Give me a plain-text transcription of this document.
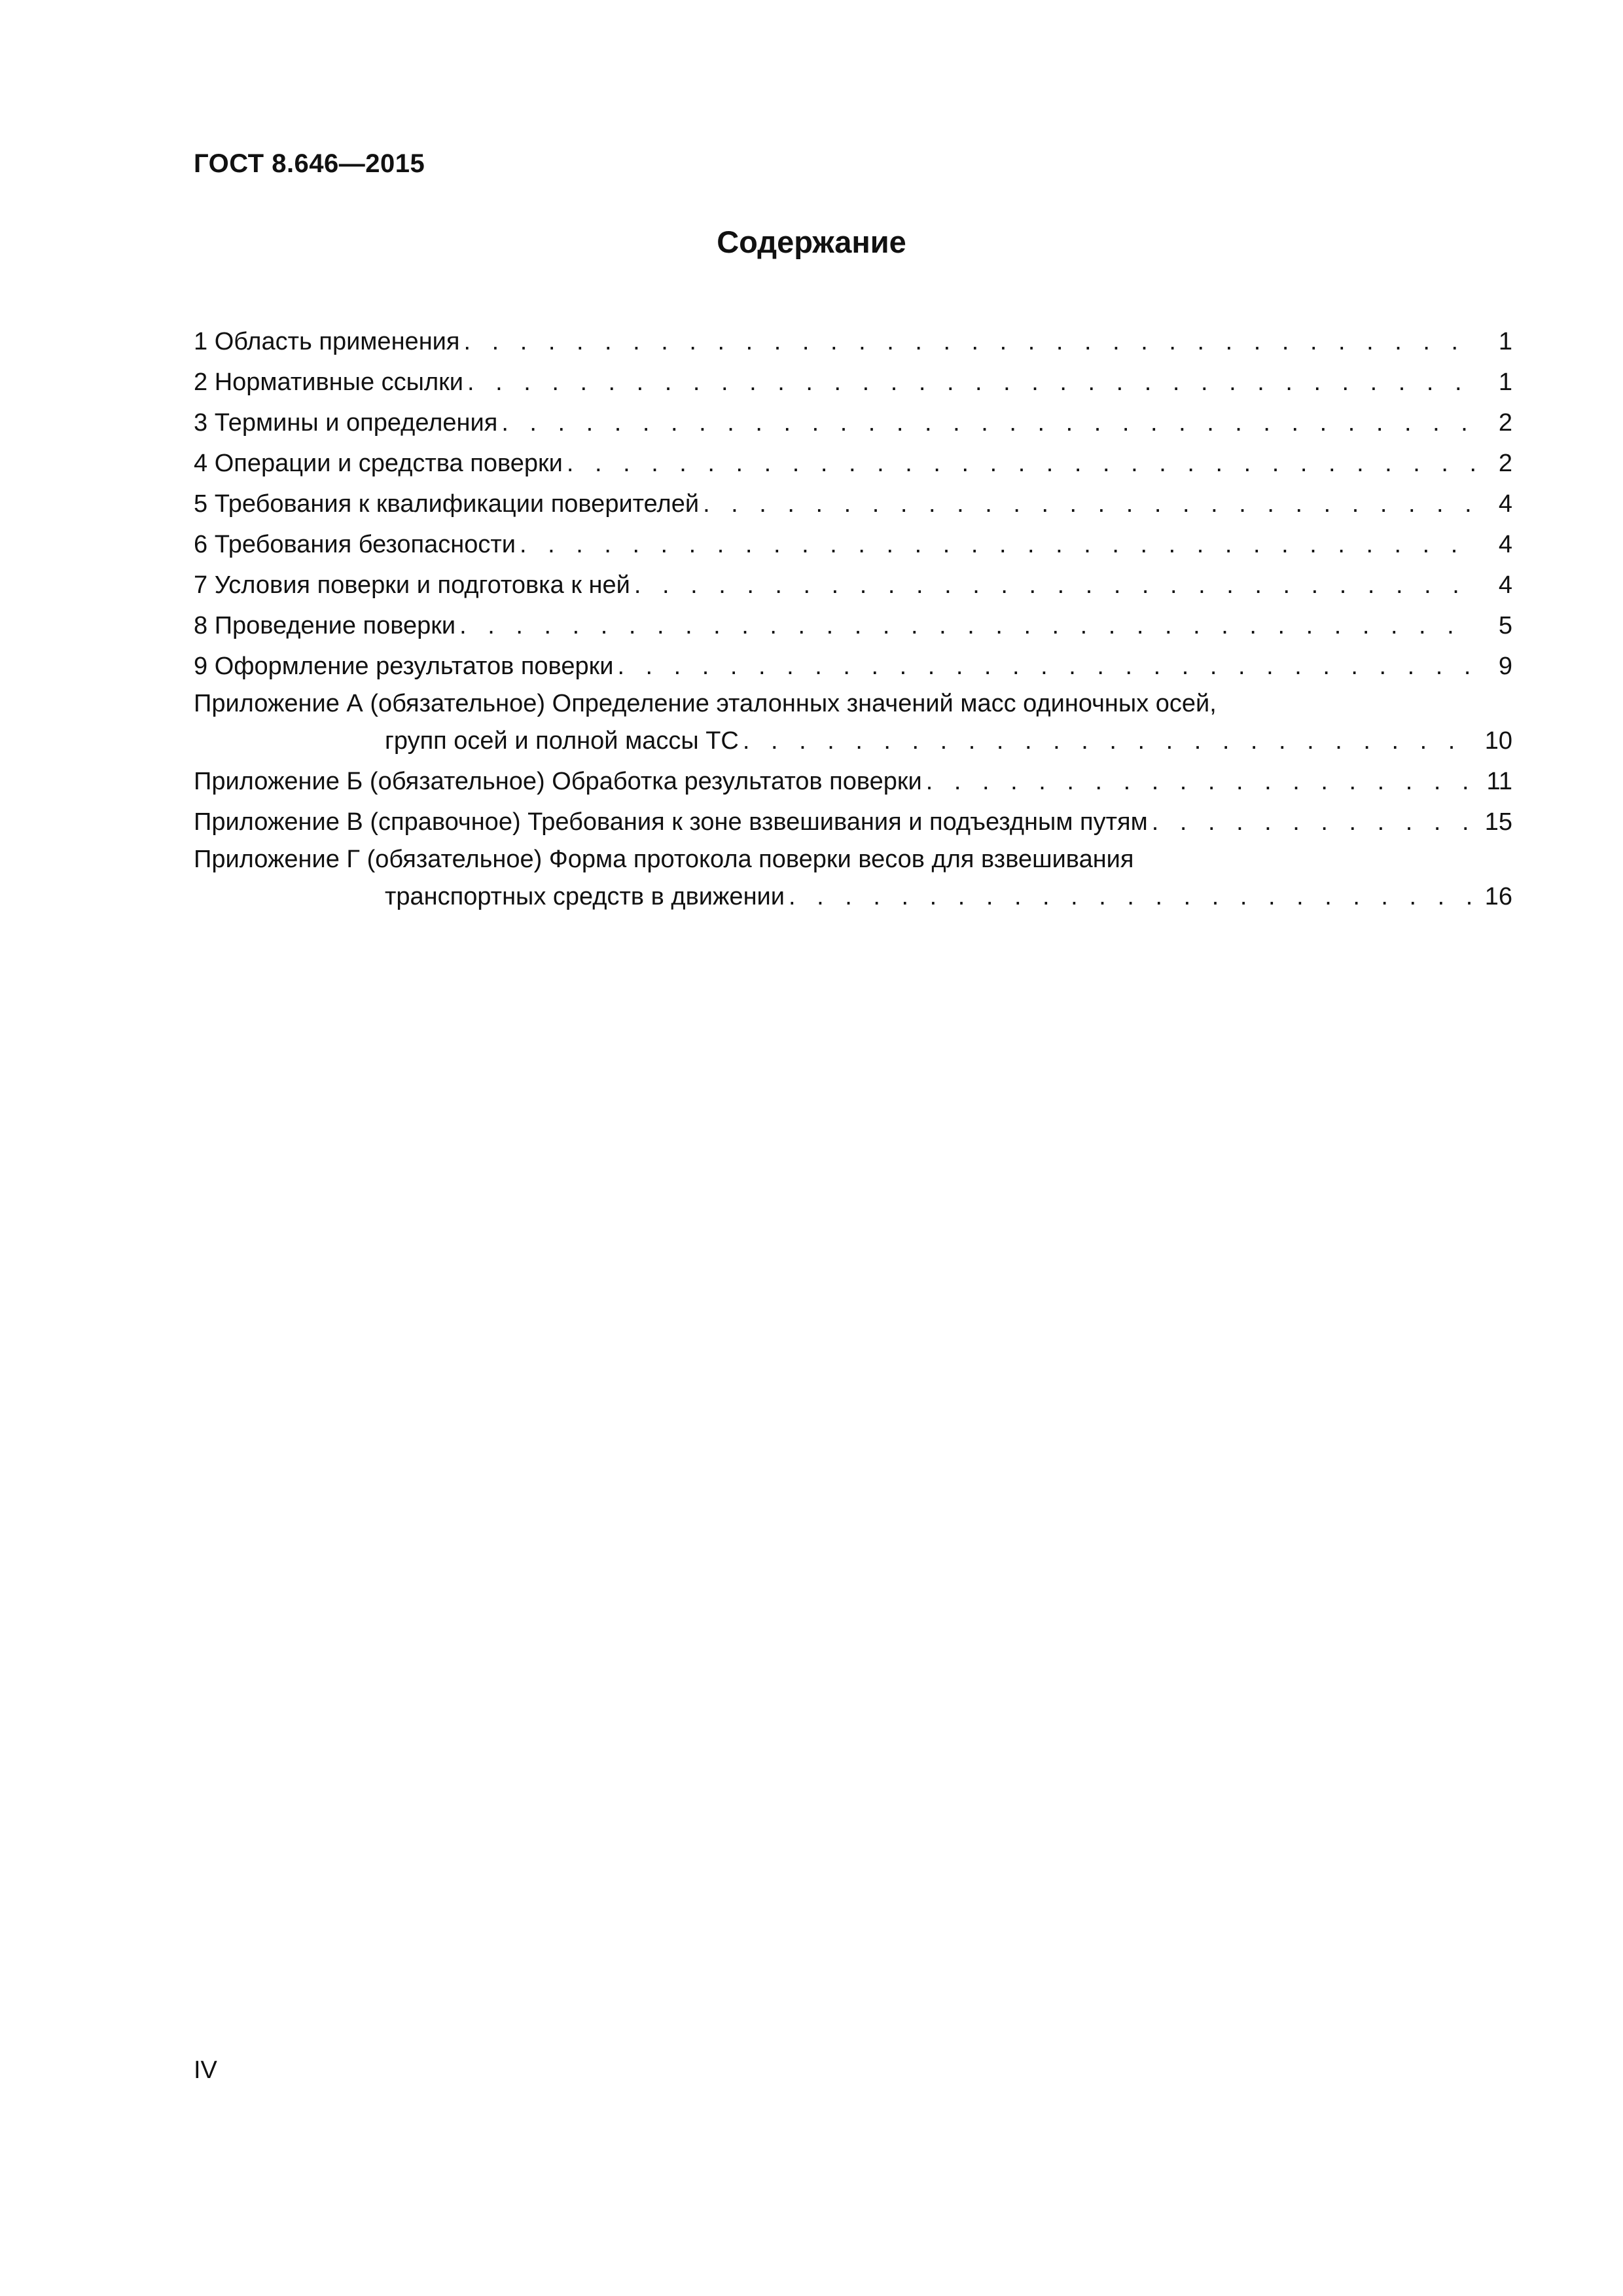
ГОСТ 8.646—2015
Содержание
1 Область применения . . .	1
2 Нормативные ссылки . . .	1
3 Термины и определения . . .	2
4 Операции и средства поверки . . .	2
5 Требования к квалификации поверителей . . .	4
6 Требования безопасности . . .	4
7 Условия поверки и подготовка к ней . . .	4
8 Проведение поверки . . .	5
9 Оформление результатов поверки . . .	9
Приложение А (обязательное) Определение эталонных значений масс одиночных осей,
групп осей и полной массы ТС . . .	10
Приложение Б (обязательное) Обработка результатов поверки . . .	11
Приложение В (справочное) Требования к зоне взвешивания и подъездным путям . . .	15
Приложение Г (обязательное) Форма протокола поверки весов для взвешивания
транспортных средств в движении . . .	16
IV
